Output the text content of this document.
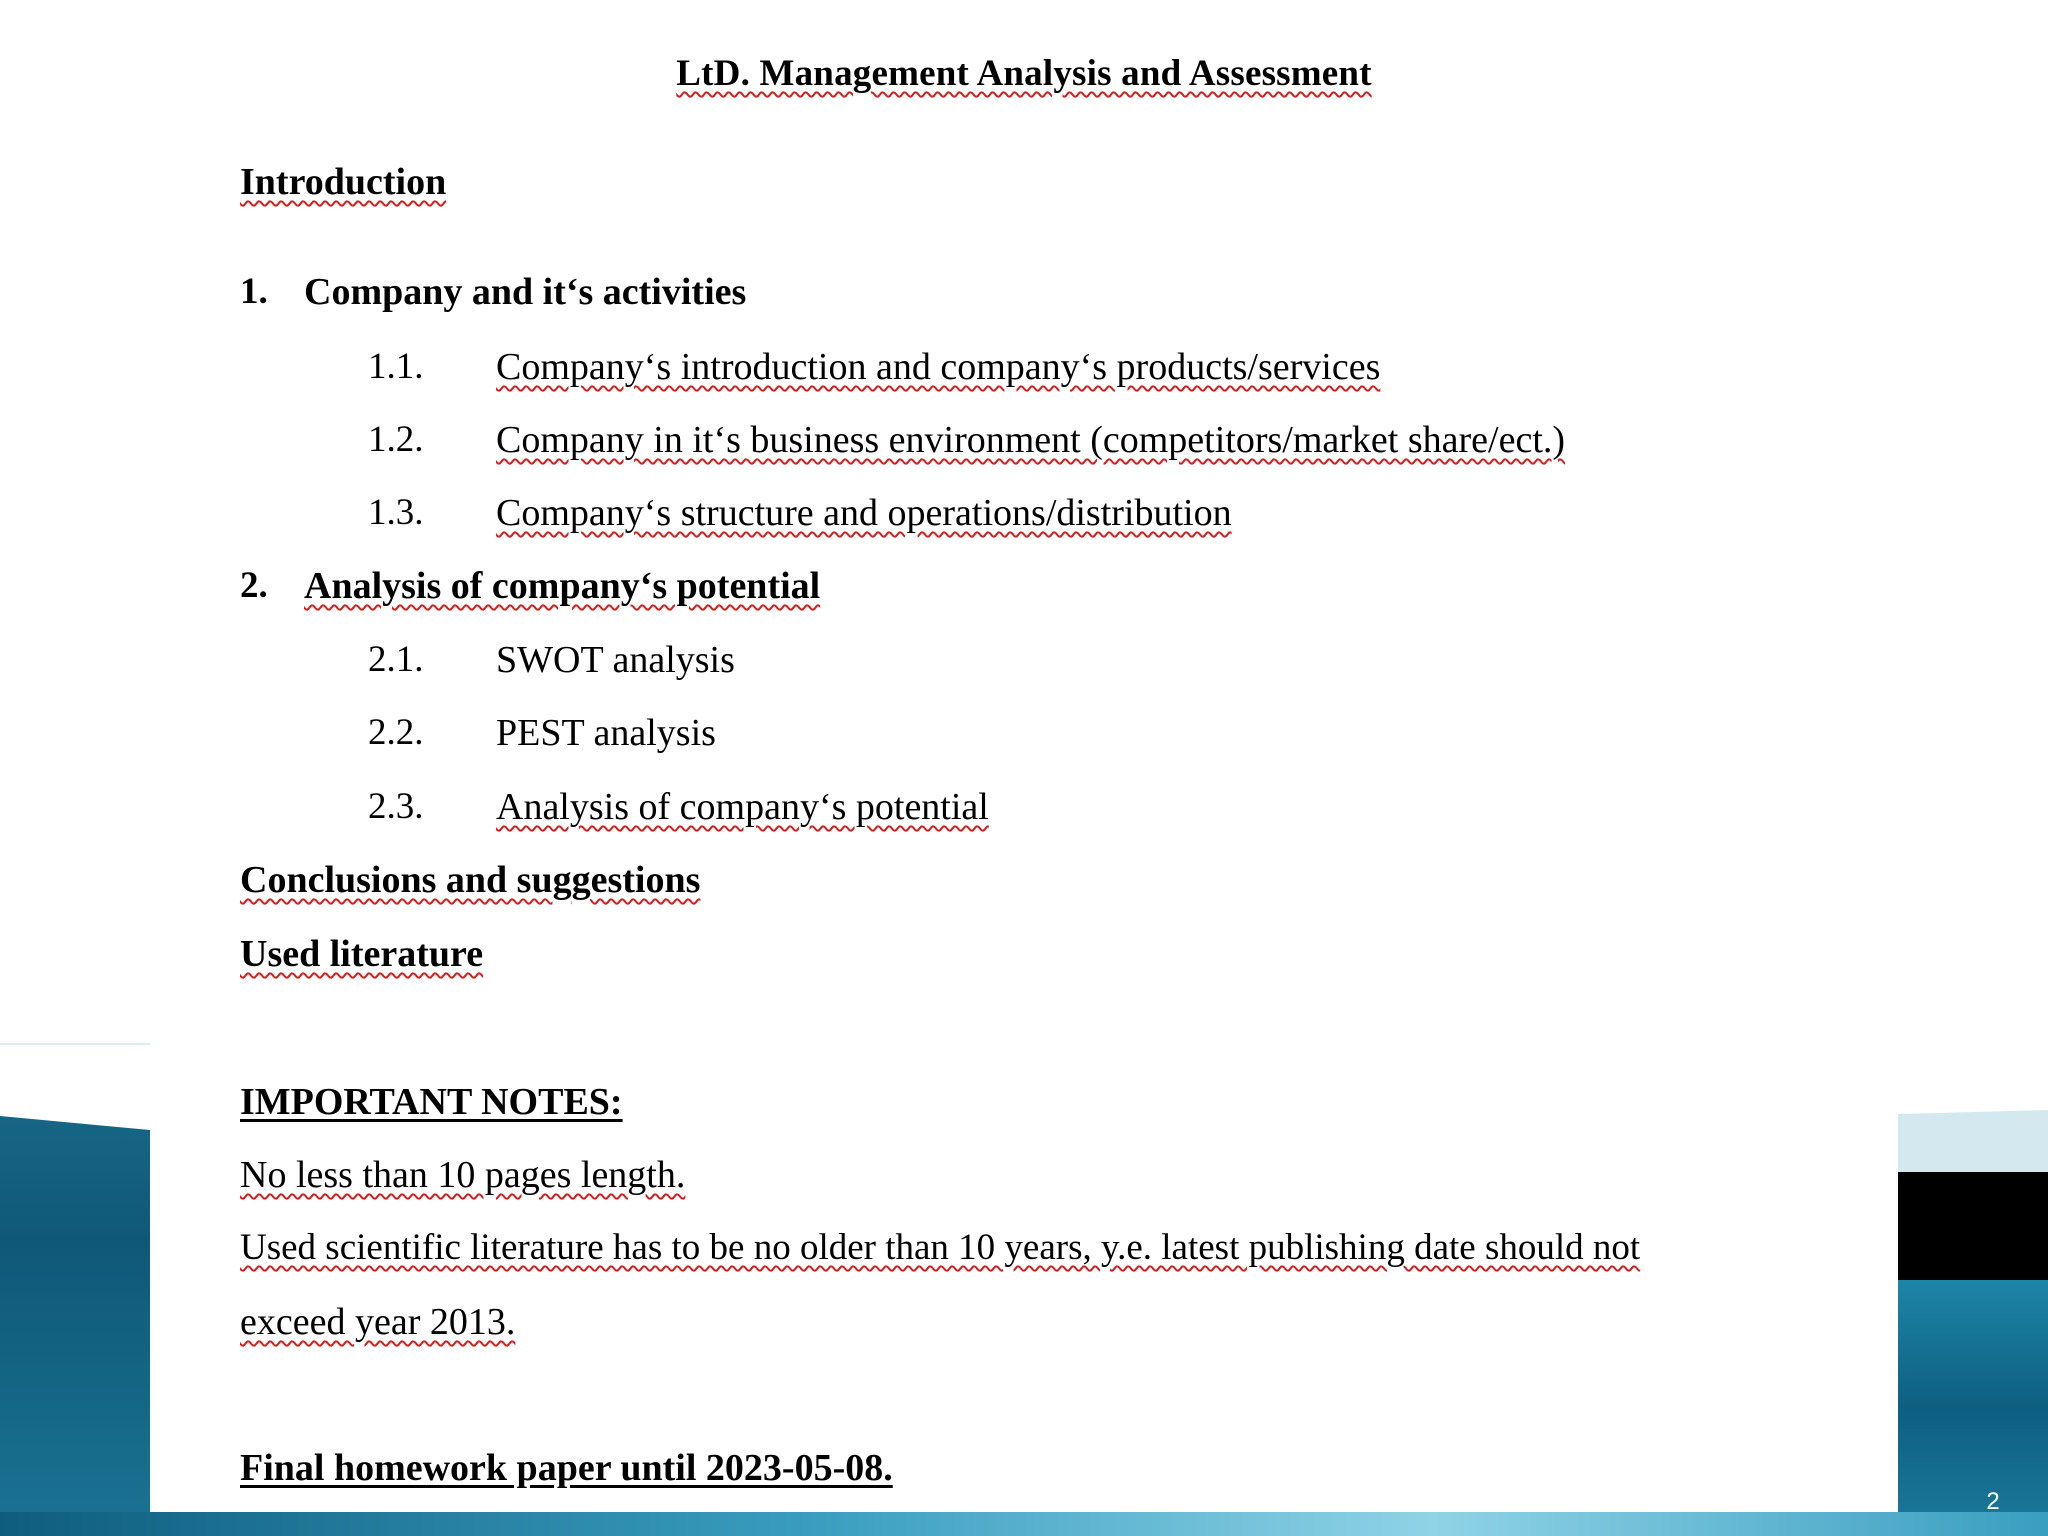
LtD. Management Analysis and Assessment
Introduction
1. Company and it‘s activities
1.1. Company‘s introduction and company‘s products/services
1.2. Company in it‘s business environment (competitors/market share/ect.)
1.3. Company‘s structure and operations/distribution
2. Analysis of company‘s potential
2.1. SWOT analysis
2.2. PEST analysis
2.3. Analysis of company‘s potential
Conclusions and suggestions
Used literature
IMPORTANT NOTES:
No less than 10 pages length.
Used scientific literature has to be no older than 10 years, y.e. latest publishing date should not
exceed year 2013.
Final homework paper until 2023-05-08.
2
